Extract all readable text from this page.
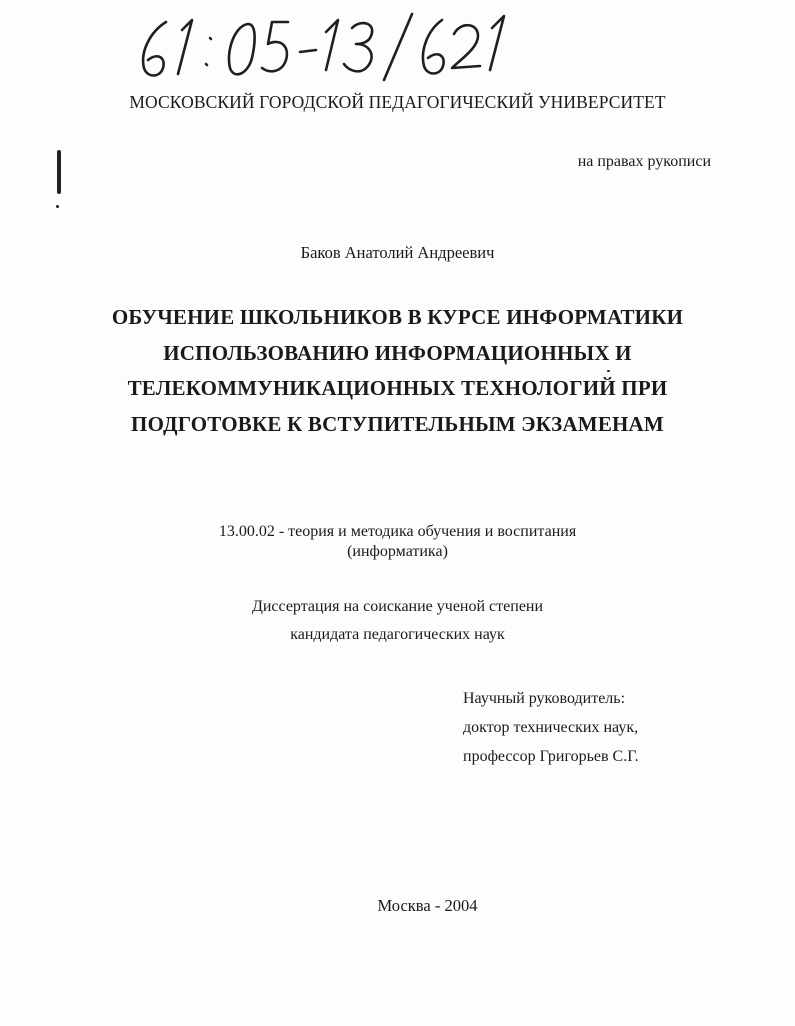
МОСКОВСКИЙ ГОРОДСКОЙ ПЕДАГОГИЧЕСКИЙ УНИВЕРСИТЕТ
на правах рукописи
Баков Анатолий Андреевич
ОБУЧЕНИЕ ШКОЛЬНИКОВ В КУРСЕ ИНФОРМАТИКИ
ИСПОЛЬЗОВАНИЮ ИНФОРМАЦИОННЫХ И
ТЕЛЕКОММУНИКАЦИОННЫХ ТЕХНОЛОГИЙ ПРИ
ПОДГОТОВКЕ К ВСТУПИТЕЛЬНЫМ ЭКЗАМЕНАМ
13.00.02 - теория и методика обучения и воспитания
(информатика)
Диссертация на соискание ученой степени
кандидата педагогических наук
Научный руководитель:
доктор технических наук,
профессор Григорьев С.Г.
Москва - 2004
